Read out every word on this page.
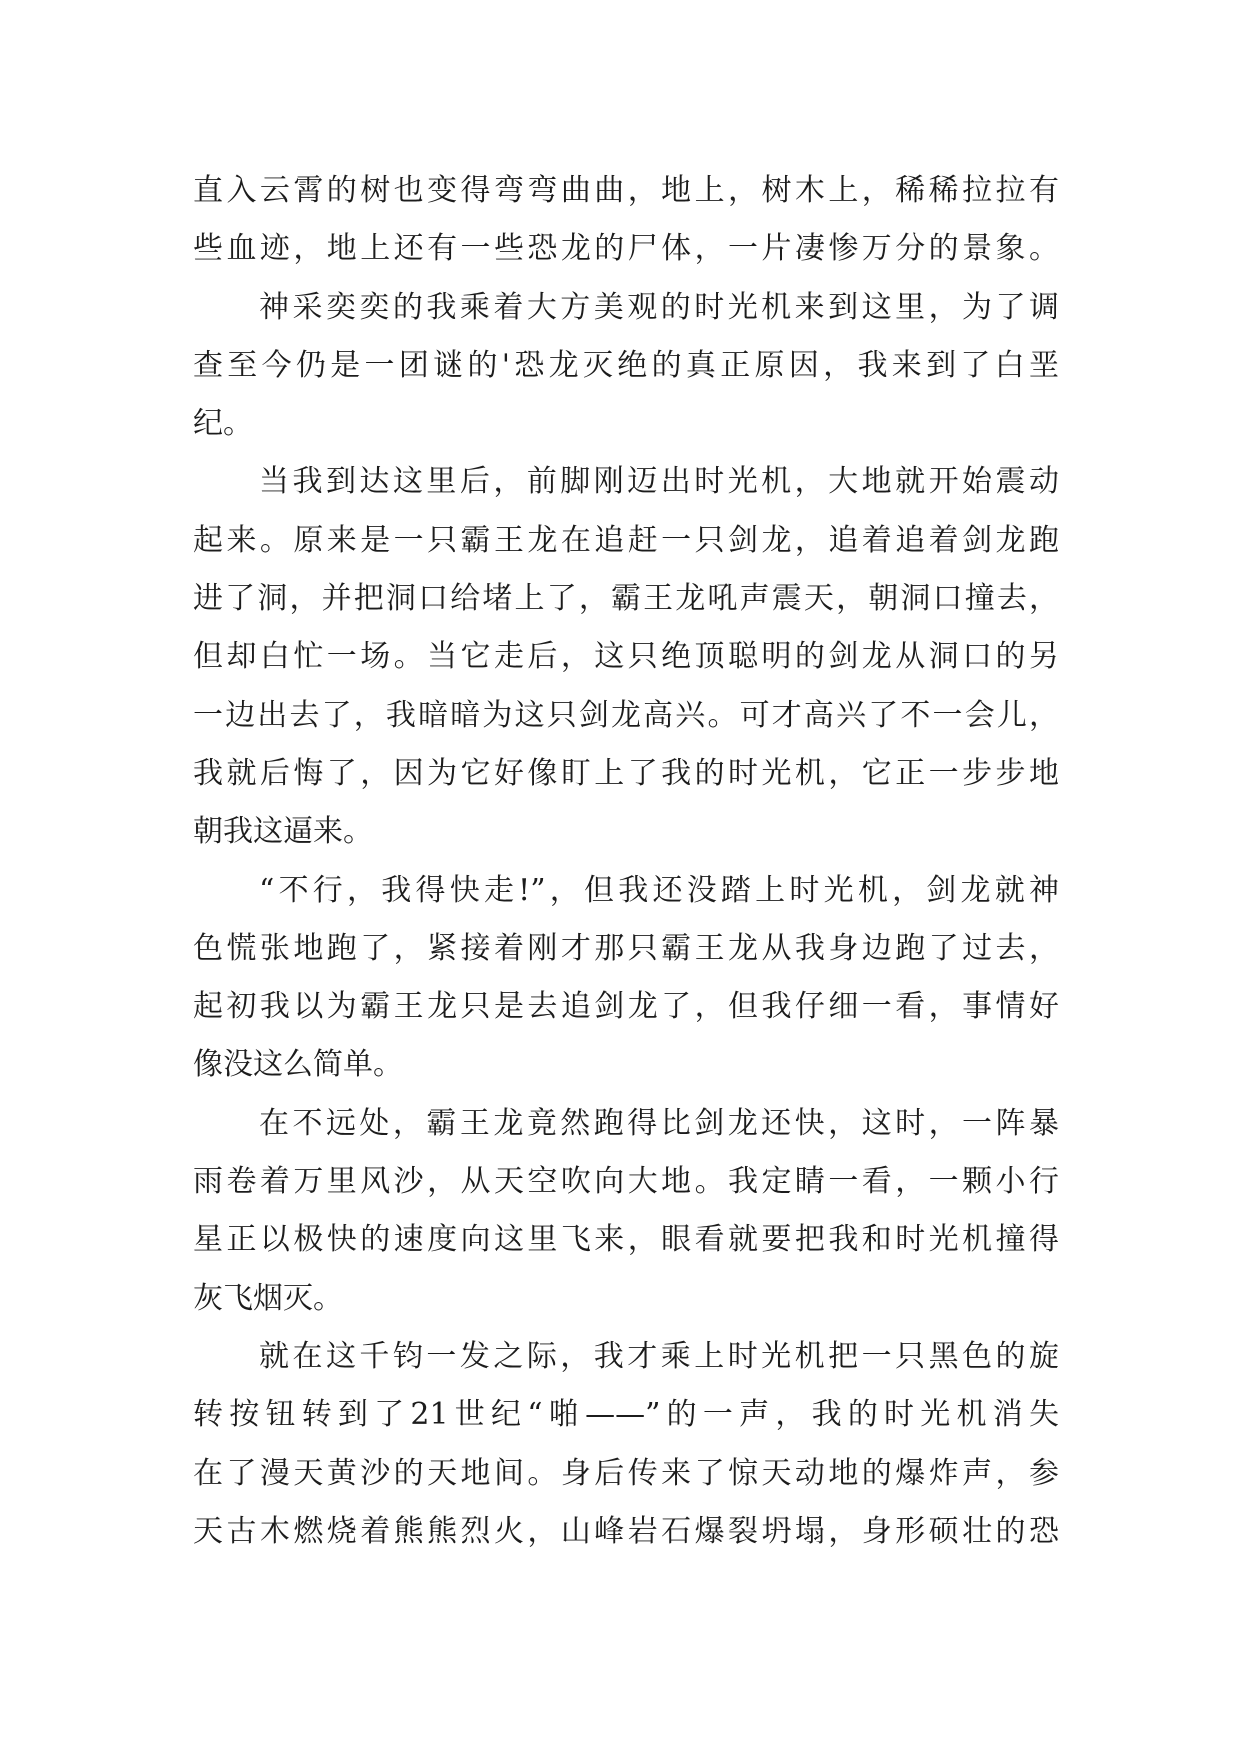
直入云霄的树也变得弯弯曲曲，地上，树木上，稀稀拉拉有
些血迹，地上还有一些恐龙的尸体，一片凄惨万分的景象。
神采奕奕的我乘着大方美观的时光机来到这里，为了调
查至今仍是一团谜的'恐龙灭绝的真正原因，我来到了白垩
纪。
当我到达这里后，前脚刚迈出时光机，大地就开始震动
起来。原来是一只霸王龙在追赶一只剑龙，追着追着剑龙跑
进了洞，并把洞口给堵上了，霸王龙吼声震天，朝洞口撞去，
但却白忙一场。当它走后，这只绝顶聪明的剑龙从洞口的另
一边出去了，我暗暗为这只剑龙高兴。可才高兴了不一会儿，
我就后悔了，因为它好像盯上了我的时光机，它正一步步地
朝我这逼来。
“不行，我得快走!”，但我还没踏上时光机，剑龙就神
色慌张地跑了，紧接着刚才那只霸王龙从我身边跑了过去，
起初我以为霸王龙只是去追剑龙了，但我仔细一看，事情好
像没这么简单。
在不远处，霸王龙竟然跑得比剑龙还快，这时，一阵暴
雨卷着万里风沙，从天空吹向大地。我定睛一看，一颗小行
星正以极快的速度向这里飞来，眼看就要把我和时光机撞得
灰飞烟灭。
就在这千钧一发之际，我才乘上时光机把一只黑色的旋
转按钮转到了21世纪“啪——”的一声，我的时光机消失
在了漫天黄沙的天地间。身后传来了惊天动地的爆炸声，参
天古木燃烧着熊熊烈火，山峰岩石爆裂坍塌，身形硕壮的恐
